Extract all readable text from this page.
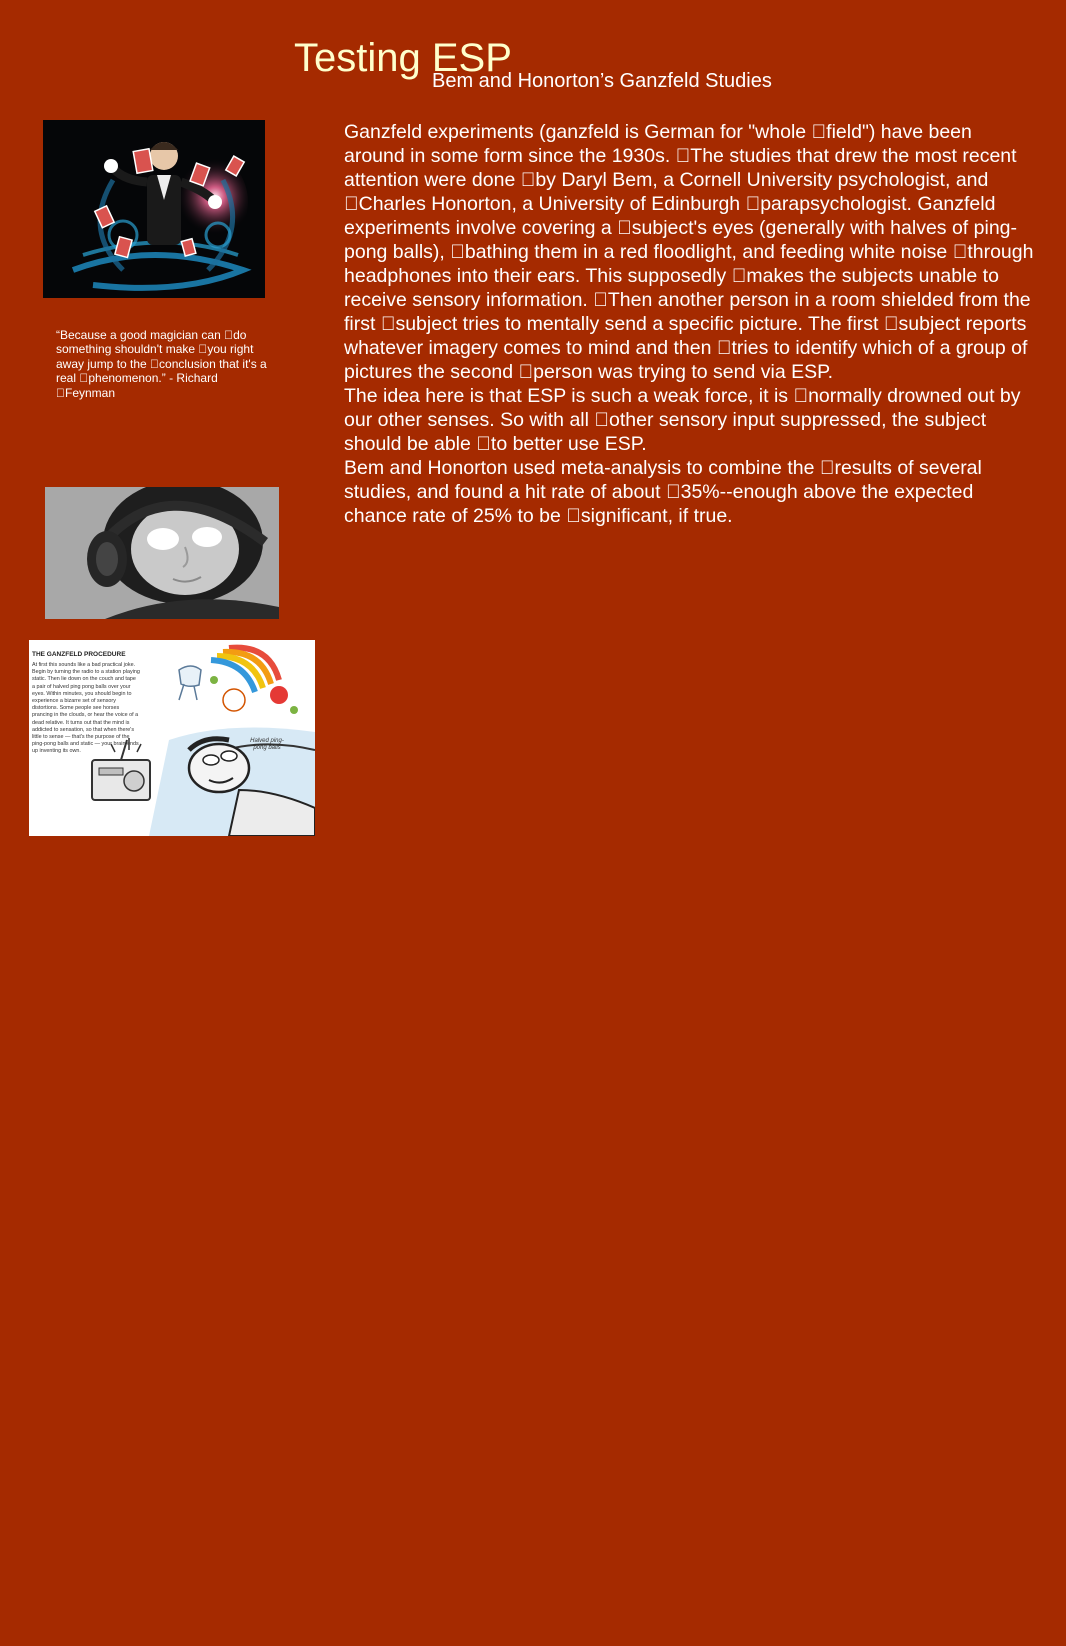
Testing ESP
Bem and Honorton’s Ganzfeld Studies
“Because a good magician can  do something shouldn't make  you right away jump to the  conclusion that it's a real  phenomenon.” - Richard  Feynman
THE GANZFELD PROCEDURE
At first this sounds like a bad practical joke. Begin by turning the radio to a station playing static. Then lie down on the couch and tape a pair of halved ping pong balls over your eyes. Within minutes, you should begin to experience a bizarre set of sensory distortions. Some people see horses prancing in the clouds, or hear the voice of a dead relative. It turns out that the mind is addicted to sensation, so that when there's little to sense — that's the purpose of the ping-pong balls and static — your brain ends up inventing its own.
Halved ping-pong balls

Ganzfeld experiments (ganzfeld is German for "whole  field") have been around in some form since the 1930s.  The studies that drew the most recent attention were done  by Daryl Bem, a Cornell University psychologist, and  Charles Honorton, a University of Edinburgh  parapsychologist. Ganzfeld experiments involve covering a  subject's eyes (generally with halves of ping-pong balls),  bathing them in a red floodlight, and feeding white noise  through headphones into their ears. This supposedly  makes the subjects unable to receive sensory information.  Then another person in a room shielded from the first  subject tries to mentally send a specific picture. The first  subject reports whatever imagery comes to mind and then  tries to identify which of a group of pictures the second  person was trying to send via ESP.

The idea here is that ESP is such a weak force, it is  normally drowned out by our other senses. So with all  other sensory input suppressed, the subject should be able  to better use ESP.

Bem and Honorton used meta-analysis to combine the  results of several studies, and found a hit rate of about  35%--enough above the expected chance rate of 25% to be  significant, if true.
